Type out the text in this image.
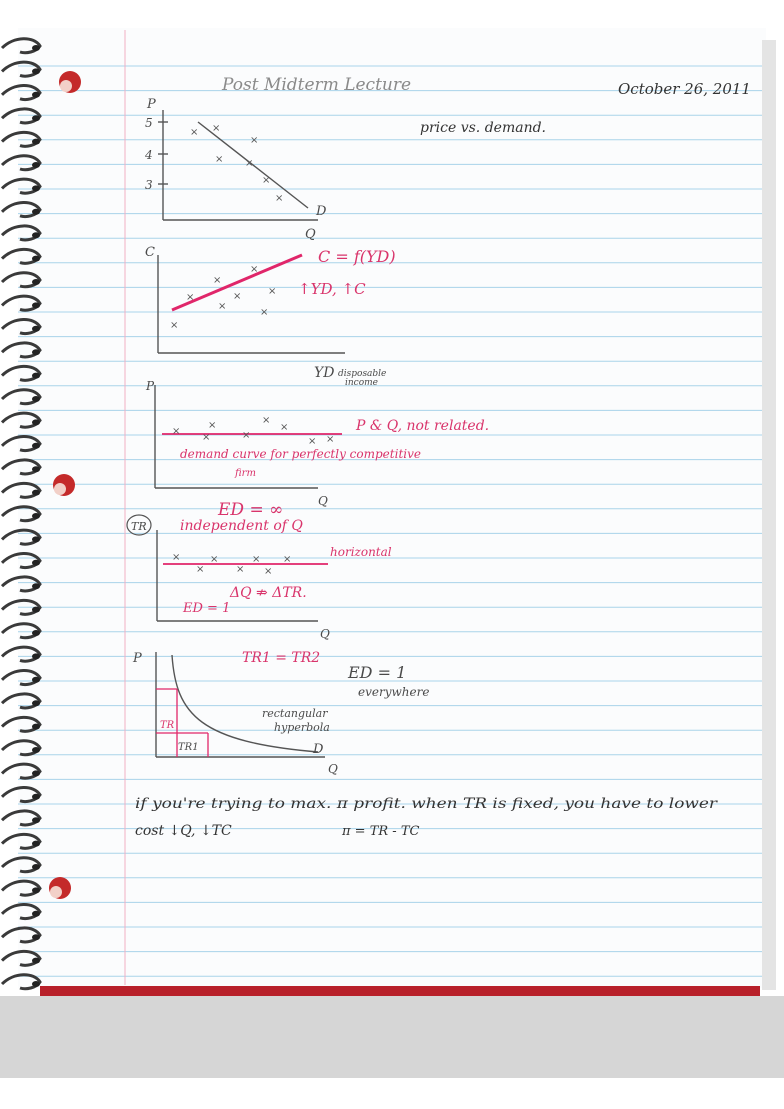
Post Midterm Lecture	October 26, 2011
P
5
4
3
Q
D
price vs. demand.
× ×
×
× ×
×
×
C	C = f(YD)
↑YD, ↑C
YD disposable
income
×
×
×
×
×
×
×
×
P
Q
P & Q, not related.
demand curve for perfectly competitive
firm
ED = ∞
×
×	×
×	×
×
× ×
TR independent of Q
horizontal
ΔQ ⇏ ΔTR.
ED = 1
Q
×	×	× ×
×	× ×
P	TR1 = TR2
ED = 1
everywhere
rectangular
hyperbola
TR
TR1	D
Q
if you're trying to max. π profit. when TR is fixed, you have to lower
cost ↓Q, ↓TC	π = TR - TC
